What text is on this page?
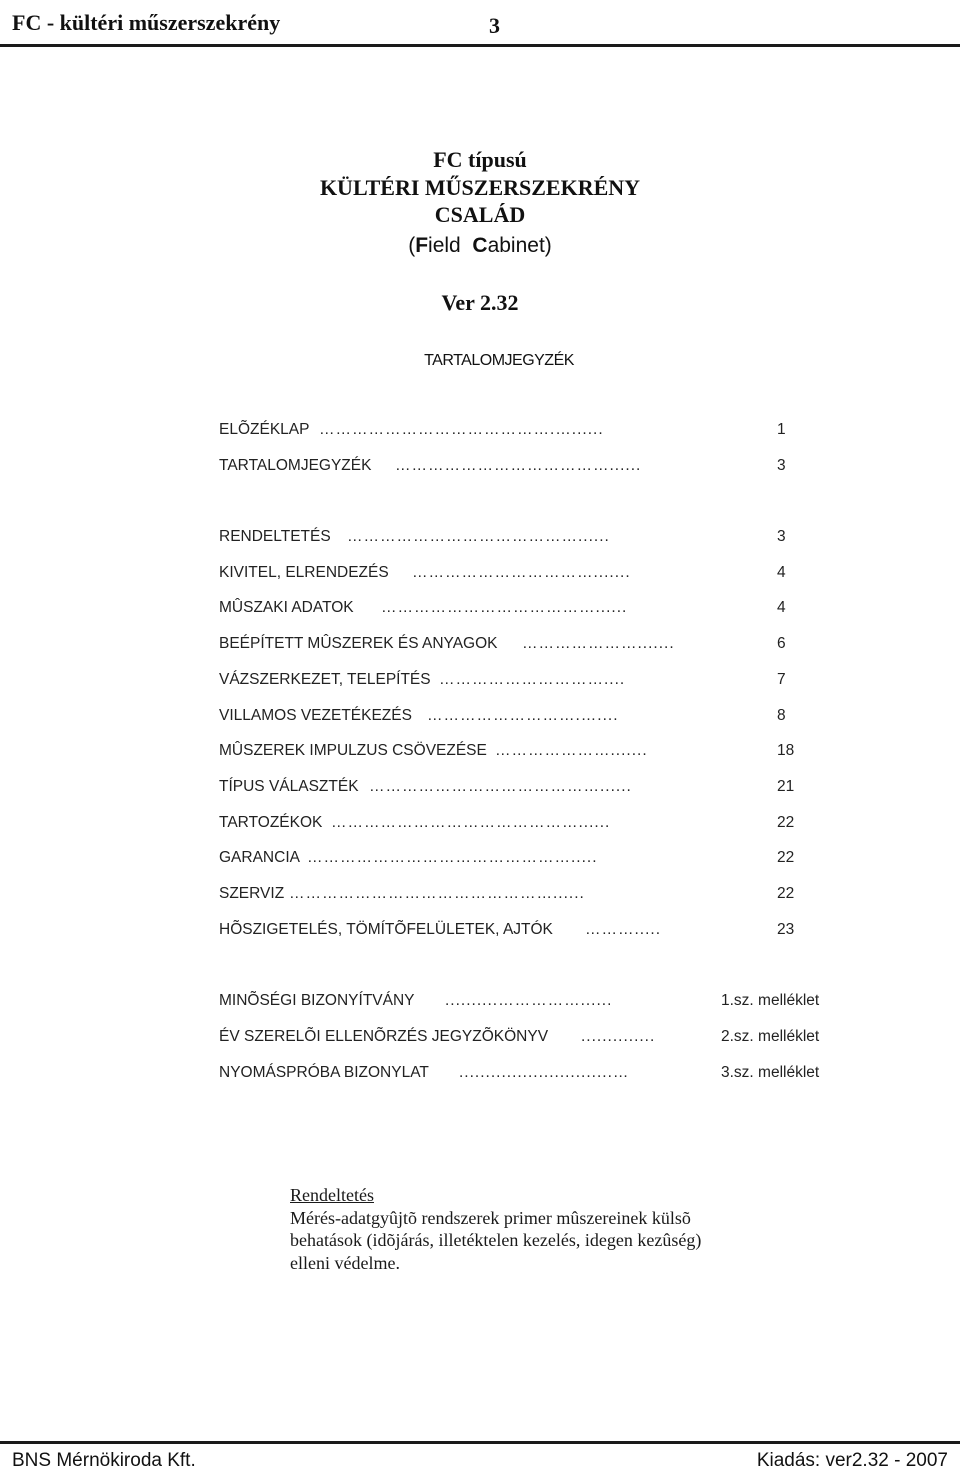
FC - kültéri műszerszekrény	3
FC típusú
KÜLTÉRI MŰSZERSZEKRÉNY
CSALÁD
(Field Cabinet)
Ver 2.32
TARTALOMJEGYZÉK
ELÕZÉKLAP …………………………………….…......	1
TARTALOMJEGYZÉK …………………………………......	3
RENDELTETÉS ……………………………………......	3
KIVITEL, ELRENDEZÉS …………………………….......	4
MÛSZAKI ADATOK …………………………………......	4
BEÉPÍTETT MÛSZEREK ÉS ANYAGOK ………………….......	6
VÁZSZERKEZET, TELEPÍTÉS …………………………....	7
VILLAMOS VEZETÉKEZÉS ……………………….…....	8
MÛSZEREK IMPULZUS CSÖVEZÉSE ………………….......	18
TÍPUS VÁLASZTÉK ……………………………………......	21
TARTOZÉKOK ………………………………………......	22
GARANCIA ………………………………………….....	22
SZERVIZ …………………………………………......	22
HÕSZIGETELÉS, TÖMÍTÕFELÜLETEK, AJTÓK ……….....	23
MINÕSÉGI BIZONYÍTVÁNY ..........……………......	1.sz. melléklet
ÉV SZERELÕI ELLENÕRZÉS JEGYZÕKÖNYV ..............	2.sz. melléklet
NYOMÁSPRÓBA BIZONYLAT .............................…	3.sz. melléklet
Rendeltetés
Mérés-adatgyûjtõ rendszerek primer mûszereinek külsõ
behatások (idõjárás, illetéktelen kezelés, idegen kezûség)
elleni védelme.
BNS Mérnökiroda Kft.	Kiadás: ver2.32 - 2007
